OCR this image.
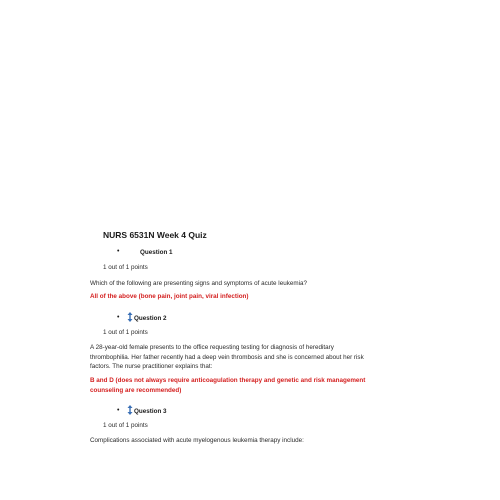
NURS 6531N Week 4 Quiz
•	Question 1
1 out of 1 points
Which of the following are presenting signs and symptoms of acute leukemia?
All of the above (bone pain, joint pain, viral infection)
• Question 2
1 out of 1 points
A 28-year-old female presents to the office requesting testing for diagnosis of hereditary
thrombophilia. Her father recently had a deep vein thrombosis and she is concerned about her risk
factors. The nurse practitioner explains that:
B and D (does not always require anticoagulation therapy and genetic and risk management
counseling are recommended)
• Question 3
1 out of 1 points
Complications associated with acute myelogenous leukemia therapy include:
